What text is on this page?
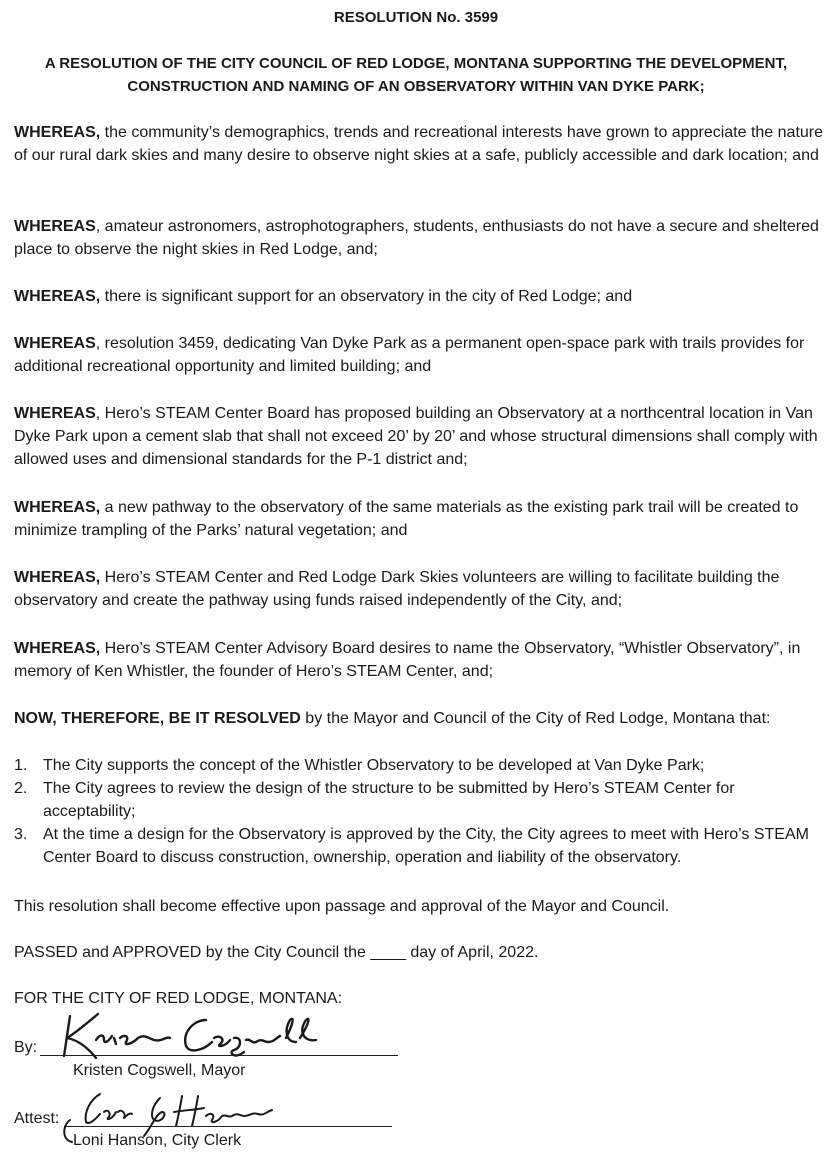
RESOLUTION No. 3599

A RESOLUTION OF THE CITY COUNCIL OF RED LODGE, MONTANA SUPPORTING THE DEVELOPMENT,

CONSTRUCTION AND NAMING OF AN OBSERVATORY WITHIN VAN DYKE PARK;

WHEREAS, the community’s demographics, trends and recreational interests have grown to appreciate the nature of our rural dark skies and many desire to observe night skies at a safe, publicly accessible and dark location; and

WHEREAS, amateur astronomers, astrophotographers, students, enthusiasts do not have a secure and sheltered place to observe the night skies in Red Lodge, and;

WHEREAS, there is significant support for an observatory in the city of Red Lodge; and

WHEREAS, resolution 3459, dedicating Van Dyke Park as a permanent open-space park with trails provides for additional recreational opportunity and limited building; and

WHEREAS, Hero’s STEAM Center Board has proposed building an Observatory at a northcentral location in Van Dyke Park upon a cement slab that shall not exceed 20’ by 20’ and whose structural dimensions shall comply with allowed uses and dimensional standards for the P-1 district and;

WHEREAS, a new pathway to the observatory of the same materials as the existing park trail will be created to minimize trampling of the Parks’ natural vegetation; and

WHEREAS, Hero’s STEAM Center and Red Lodge Dark Skies volunteers are willing to facilitate building the observatory and create the pathway using funds raised independently of the City, and;

WHEREAS, Hero’s STEAM Center Advisory Board desires to name the Observatory, “Whistler Observatory”, in memory of Ken Whistler, the founder of Hero’s STEAM Center, and;

NOW, THEREFORE, BE IT RESOLVED by the Mayor and Council of the City of Red Lodge, Montana that:

1. The City supports the concept of the Whistler Observatory to be developed at Van Dyke Park;
2. The City agrees to review the design of the structure to be submitted by Hero’s STEAM Center for acceptability;
3. At the time a design for the Observatory is approved by the City, the City agrees to meet with Hero’s STEAM Center Board to discuss construction, ownership, operation and liability of the observatory.

This resolution shall become effective upon passage and approval of the Mayor and Council.

PASSED and APPROVED by the City Council the ____ day of April, 2022.

FOR THE CITY OF RED LODGE, MONTANA:

By:
Kristen Cogswell, Mayor
Attest:
Loni Hanson, City Clerk
